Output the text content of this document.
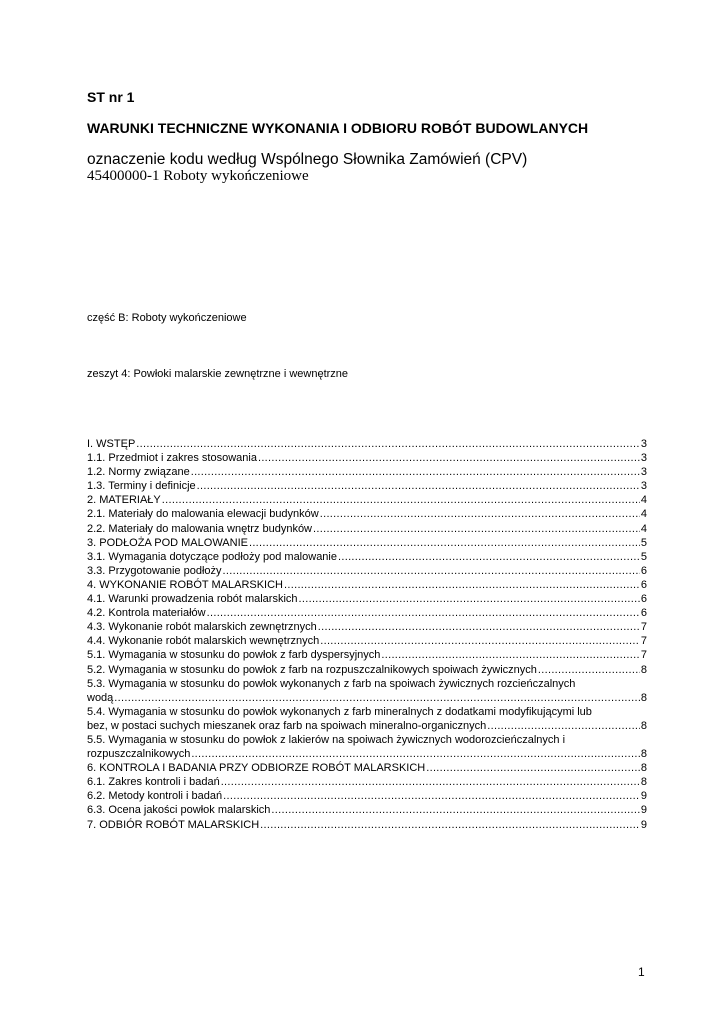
ST nr 1
WARUNKI TECHNICZNE WYKONANIA I ODBIORU ROBÓT BUDOWLANYCH
oznaczenie kodu według Wspólnego Słownika Zamówień (CPV)
45400000-1 Roboty wykończeniowe
część B: Roboty wykończeniowe
zeszyt 4: Powłoki malarskie zewnętrzne i wewnętrzne
I. WSTĘP .....	3
1.1. Przedmiot i zakres stosowania .....	3
1.2. Normy związane .....	3
1.3. Terminy i definicje .....	3
2. MATERIAŁY .....	4
2.1. Materiały do malowania elewacji budynków .....	4
2.2. Materiały do malowania wnętrz budynków .....	4
3. PODŁOŻA POD MALOWANIE .....	5
3.1. Wymagania dotyczące podłoży pod malowanie .....	5
3.3. Przygotowanie podłoży .....	6
4. WYKONANIE ROBÓT MALARSKICH .....	6
4.1. Warunki prowadzenia robót malarskich .....	6
4.2. Kontrola materiałów .....	6
4.3. Wykonanie robót malarskich zewnętrznych .....	7
4.4. Wykonanie robót malarskich wewnętrznych .....	7
5.1. Wymagania w stosunku do powłok z farb dyspersyjnych .....	7
5.2. Wymagania w stosunku do powłok z farb na rozpuszczalnikowych spoiwach żywicznych .....	8
5.3. Wymagania w stosunku do powłok wykonanych z farb na spoiwach żywicznych rozcieńczalnych
wodą .....	8
5.4. Wymagania w stosunku do powłok wykonanych z farb mineralnych z dodatkami modyfikującymi lub
bez, w postaci suchych mieszanek oraz farb na spoiwach mineralno-organicznych .....	8
5.5. Wymagania w stosunku do powłok z lakierów na spoiwach żywicznych wodorozcieńczalnych i
rozpuszczalnikowych .....	8
6. KONTROLA I BADANIA PRZY ODBIORZE ROBÓT MALARSKICH .....	8
6.1. Zakres kontroli i badań .....	8
6.2. Metody kontroli i badań .....	9
6.3. Ocena jakości powłok malarskich .....	9
7. ODBIÓR ROBÓT MALARSKICH .....	9
1
